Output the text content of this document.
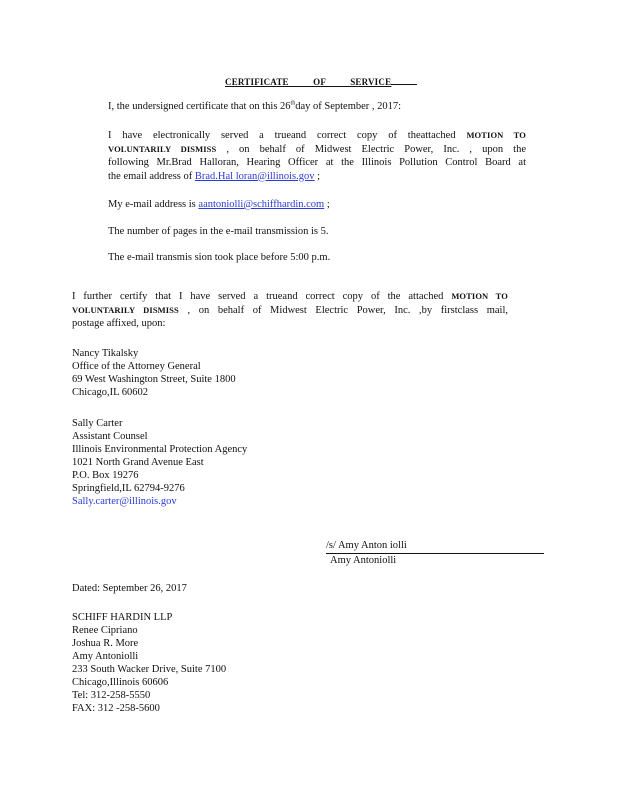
CERTIFICATE OF SERVICE
I, the undersigned certificate that on this 26thday of September , 2017:
I have electronically served a trueand correct copy of theattached MOTION TO
VOLUNTARILY DISMISS , on behalf of Midwest Electric Power, Inc. , upon the
following Mr.Brad Halloran, Hearing Officer at the Illinois Pollution Control Board at
the email address of Brad.Hal loran@illinois.gov ;
My e-mail address is aantoniolli@schiffhardin.com ;
The number of pages in the e-mail transmission is 5.
The e-mail transmis sion took place before 5:00 p.m.
I further certify that I have served a trueand correct copy of the attached MOTION TO
VOLUNTARILY DISMISS , on behalf of Midwest Electric Power, Inc. ,by firstclass mail,
postage affixed, upon:
Nancy Tikalsky
Office of the Attorney General
69 West Washington Street, Suite 1800
Chicago,IL 60602
Sally Carter
Assistant Counsel
Illinois Environmental Protection Agency
1021 North Grand Avenue East
P.O. Box 19276
Springfield,IL 62794-9276
Sally.carter@illinois.gov
/s/ Amy Anton iolli
Amy Antoniolli
Dated: September 26, 2017
SCHIFF HARDIN LLP
Renee Cipriano
Joshua R. More
Amy Antoniolli
233 South Wacker Drive, Suite 7100
Chicago,Illinois 60606
Tel: 312-258-5550
FAX: 312 -258-5600
